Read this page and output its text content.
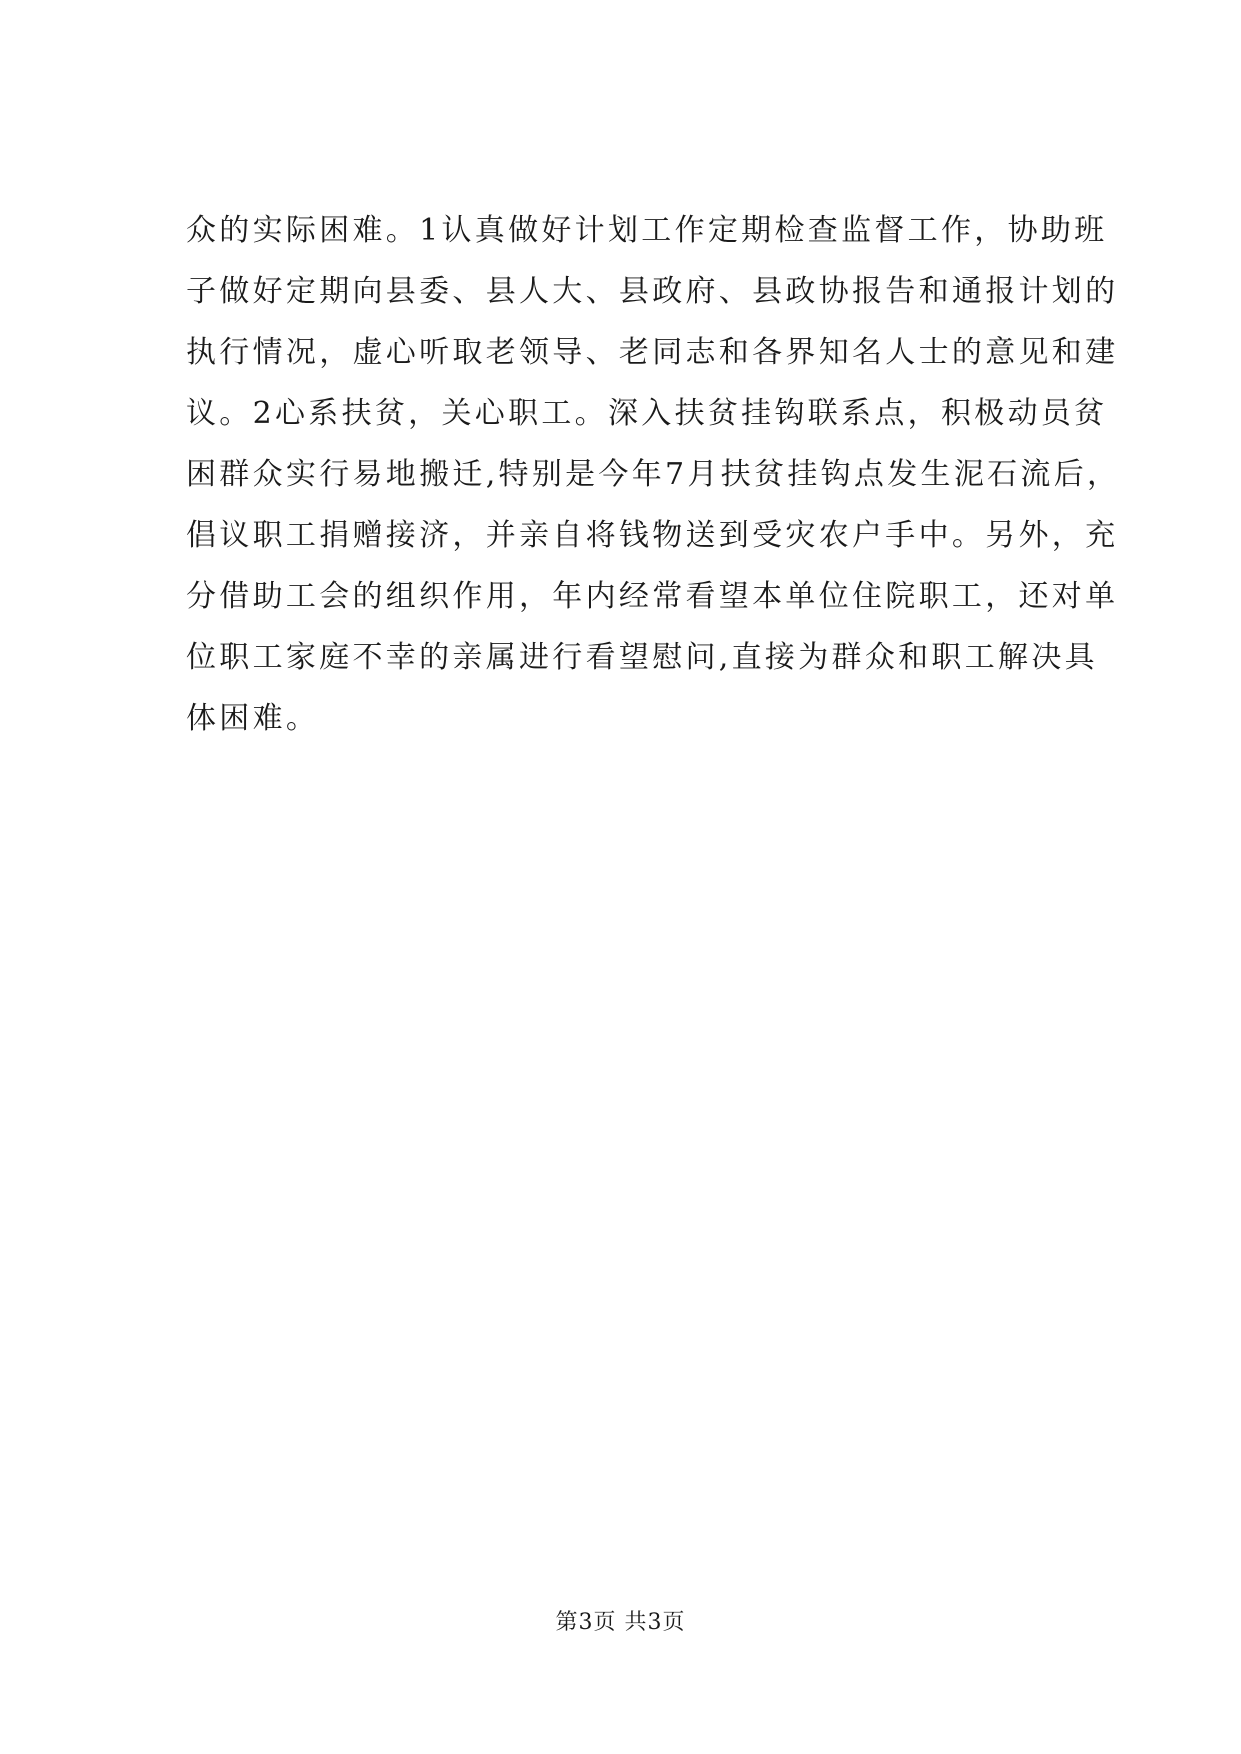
众的实际困难。1认真做好计划工作定期检查监督工作，协助班
子做好定期向县委、县人大、县政府、县政协报告和通报计划的
执行情况，虚心听取老领导、老同志和各界知名人士的意见和建
议。2心系扶贫，关心职工。深入扶贫挂钩联系点，积极动员贫
困群众实行易地搬迁,特别是今年7月扶贫挂钩点发生泥石流后，
倡议职工捐赠接济，并亲自将钱物送到受灾农户手中。另外，充
分借助工会的组织作用，年内经常看望本单位住院职工，还对单
位职工家庭不幸的亲属进行看望慰问,直接为群众和职工解决具
体困难。
第3页 共3页
